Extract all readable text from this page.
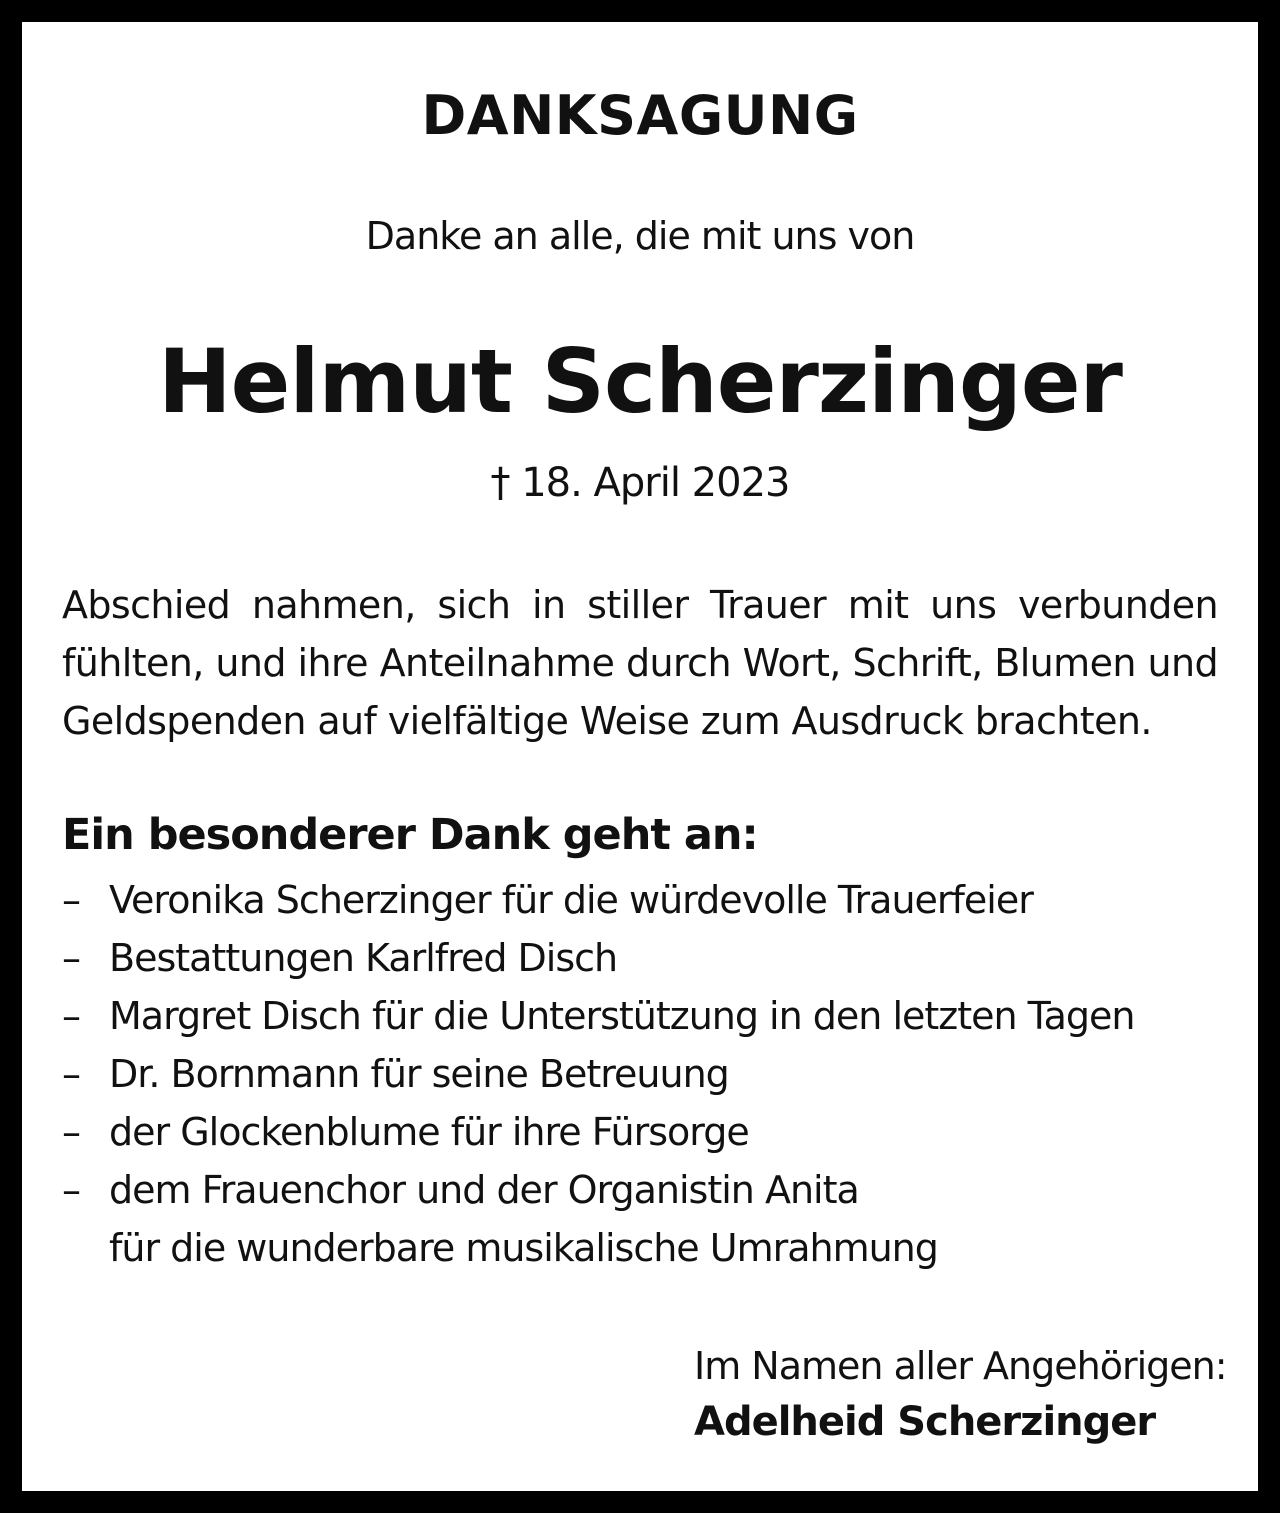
DANKSAGUNG

Danke an alle, die mit uns von

Helmut Scherzinger

† 18. April 2023

Abschied nahmen, sich in stiller Trauer mit uns verbunden fühlten, und ihre Anteilnahme durch Wort, Schrift, Blumen und Geldspenden auf vielfältige Weise zum Ausdruck brachten.

Ein besonderer Dank geht an:
– Veronika Scherzinger für die würdevolle Trauerfeier
– Bestattungen Karlfred Disch
– Margret Disch für die Unterstützung in den letzten Tagen
– Dr. Bornmann für seine Betreuung
– der Glockenblume für ihre Fürsorge
– dem Frauenchor und der Organistin Anita
für die wunderbare musikalische Umrahmung

Im Namen aller Angehörigen:
Adelheid Scherzinger
